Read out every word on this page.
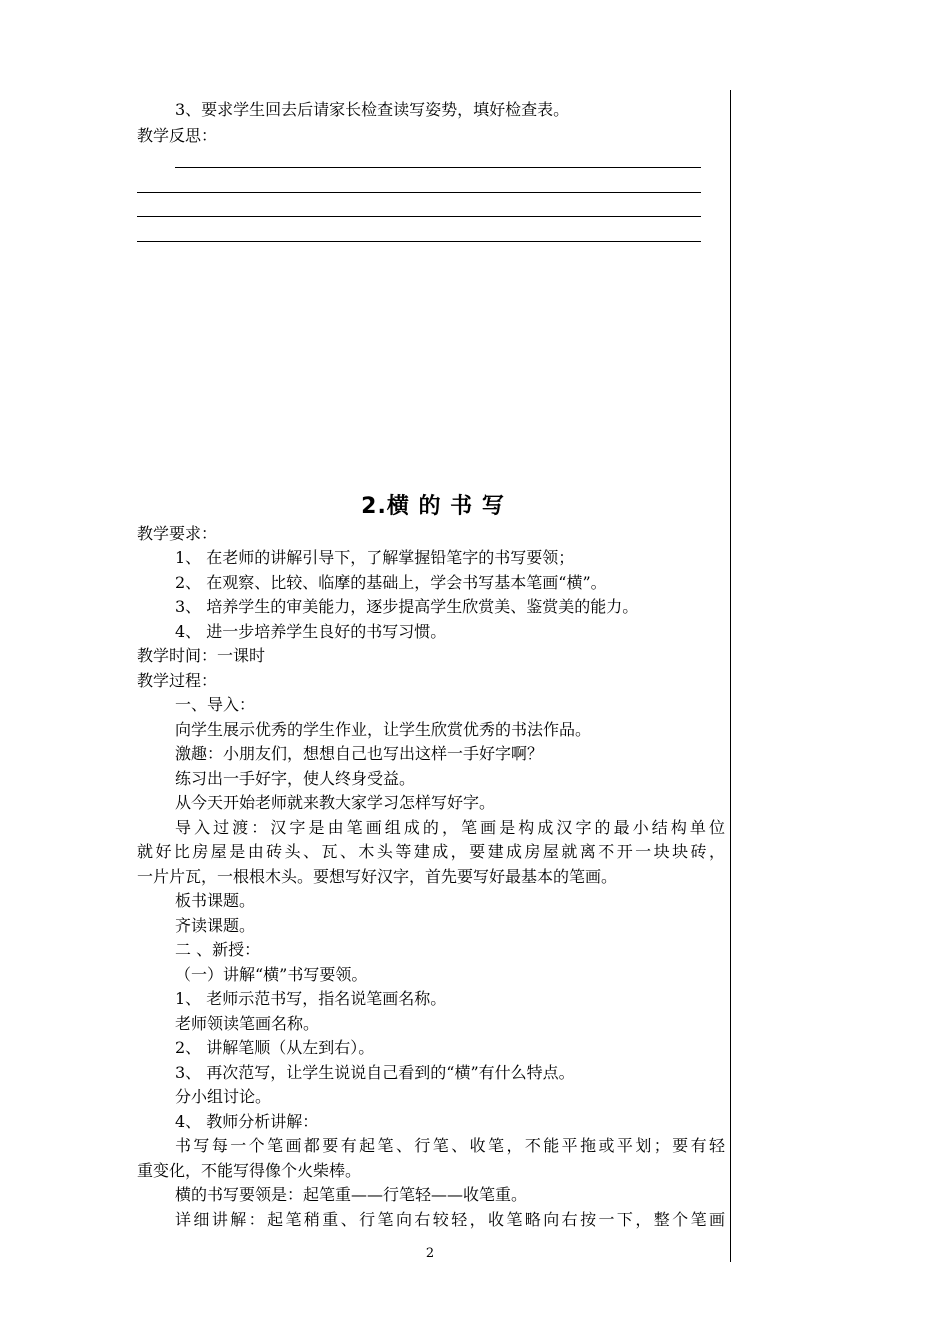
3、要求学生回去后请家长检查读写姿势，填好检查表。
教学反思：
2.横 的 书 写
教学要求：
1、 在老师的讲解引导下，了解掌握铅笔字的书写要领；
2、 在观察、比较、临摩的基础上，学会书写基本笔画“横”。
3、 培养学生的审美能力，逐步提高学生欣赏美、鉴赏美的能力。
4、 进一步培养学生良好的书写习惯。
教学时间：一课时
教学过程：
一、导入：
向学生展示优秀的学生作业，让学生欣赏优秀的书法作品。
激趣：小朋友们，想想自己也写出这样一手好字啊？
练习出一手好字，使人终身受益。
从今天开始老师就来教大家学习怎样写好字。
导入过渡：汉字是由笔画组成的，笔画是构成汉字的最小结构单位
就好比房屋是由砖头、瓦、木头等建成，要建成房屋就离不开一块块砖，
一片片瓦，一根根木头。要想写好汉字，首先要写好最基本的笔画。
板书课题。
齐读课题。
二 、新授：
（一）讲解“横”书写要领。
1、 老师示范书写，指名说笔画名称。
老师领读笔画名称。
2、 讲解笔顺（从左到右）。
3、 再次范写，让学生说说自己看到的“横”有什么特点。
分小组讨论。
4、 教师分析讲解：
书写每一个笔画都要有起笔、行笔、收笔，不能平拖或平划；要有轻
重变化，不能写得像个火柴棒。
横的书写要领是：起笔重——行笔轻——收笔重。
详细讲解：起笔稍重、行笔向右较轻，收笔略向右按一下，整个笔画
2
